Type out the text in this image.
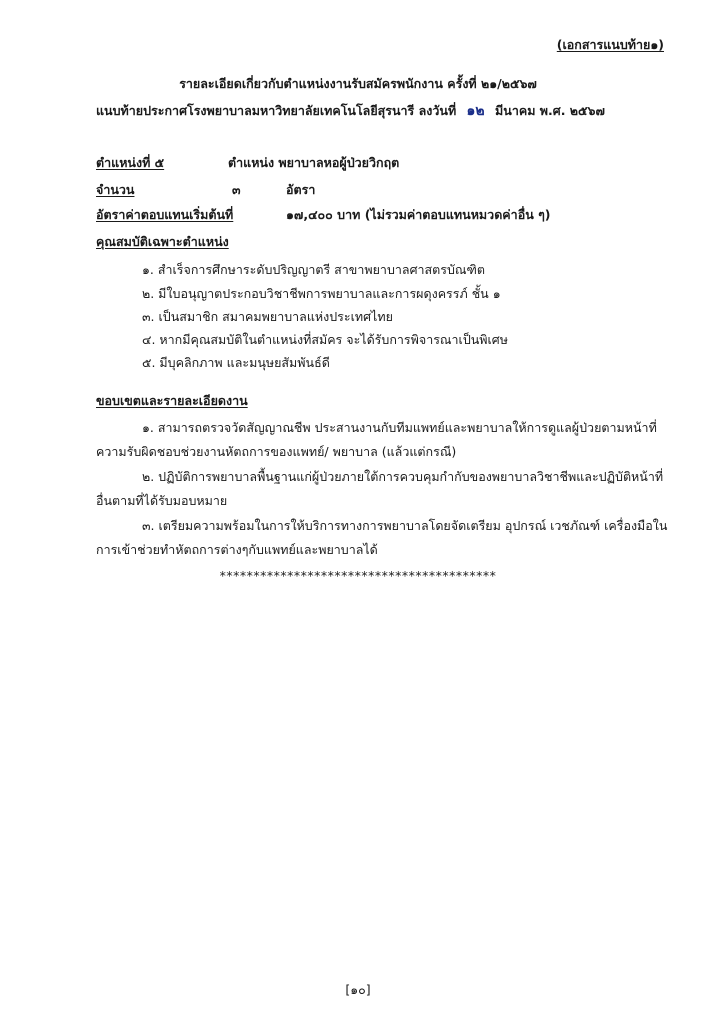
(เอกสารแนบท้าย๑)
รายละเอียดเกี่ยวกับตำแหน่งงานรับสมัครพนักงาน ครั้งที่ ๒๑/๒๕๖๗
แนบท้ายประกาศโรงพยาบาลมหาวิทยาลัยเทคโนโลยีสุรนารี ลงวันที่ ๑๒ มีนาคม พ.ศ. ๒๕๖๗
ตำแหน่งที่ ๕	ตำแหน่ง พยาบาลหอผู้ป่วยวิกฤต
จำนวน	๓	อัตรา
อัตราค่าตอบแทนเริ่มต้นที่	๑๗,๔๐๐ บาท (ไม่รวมค่าตอบแทนหมวดค่าอื่น ๆ)
คุณสมบัติเฉพาะตำแหน่ง
๑. สำเร็จการศึกษาระดับปริญญาตรี สาขาพยาบาลศาสตรบัณฑิต
๒. มีใบอนุญาตประกอบวิชาชีพการพยาบาลและการผดุงครรภ์ ชั้น ๑
๓. เป็นสมาชิก สมาคมพยาบาลแห่งประเทศไทย
๔. หากมีคุณสมบัติในตำแหน่งที่สมัคร จะได้รับการพิจารณาเป็นพิเศษ
๕. มีบุคลิกภาพ และมนุษยสัมพันธ์ดี
ขอบเขตและรายละเอียดงาน
๑. สามารถตรวจวัดสัญญาณชีพ ประสานงานกับทีมแพทย์และพยาบาลให้การดูแลผู้ป่วยตามหน้าที่
ความรับผิดชอบช่วยงานหัตถการของแพทย์/ พยาบาล (แล้วแต่กรณี)
๒. ปฏิบัติการพยาบาลพื้นฐานแก่ผู้ป่วยภายใต้การควบคุมกำกับของพยาบาลวิชาชีพและปฏิบัติหน้าที่
อื่นตามที่ได้รับมอบหมาย
๓. เตรียมความพร้อมในการให้บริการทางการพยาบาลโดยจัดเตรียม อุปกรณ์ เวชภัณฑ์ เครื่องมือใน
การเข้าช่วยทำหัตถการต่างๆกับแพทย์และพยาบาลได้
*****************************************
[๑๐]
